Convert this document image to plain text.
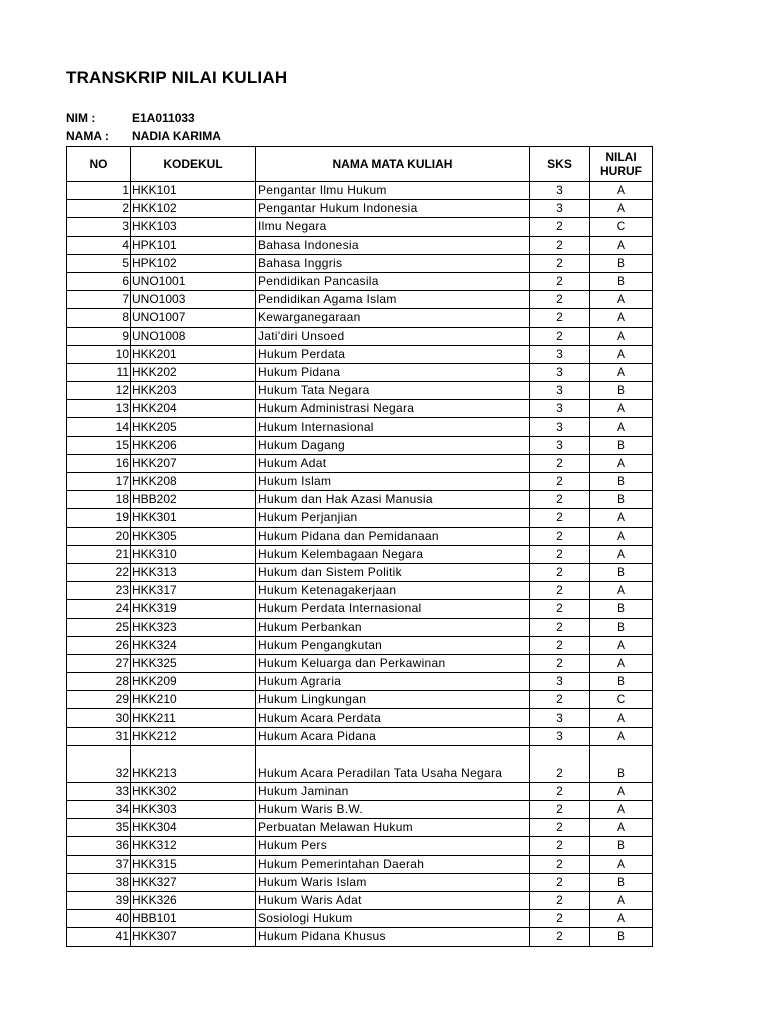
TRANSKRIP NILAI KULIAH
NIM :	E1A011033
NAMA : NADIA KARIMA
NO	KODEKUL	NAMA MATA KULIAH	SKS	NILAI
HURUF
1	HKK101	Pengantar Ilmu Hukum	3	A
2	HKK102	Pengantar Hukum Indonesia	3	A
3	HKK103	Ilmu Negara	2	C
4	HPK101	Bahasa Indonesia	2	A
5	HPK102	Bahasa Inggris	2	B
6	UNO1001	Pendidikan Pancasila	2	B
7	UNO1003	Pendidikan Agama Islam	2	A
8	UNO1007	Kewarganegaraan	2	A
9	UNO1008	Jati'diri Unsoed	2	A
10	HKK201	Hukum Perdata	3	A
11	HKK202	Hukum Pidana	3	A
12	HKK203	Hukum Tata Negara	3	B
13	HKK204	Hukum Administrasi Negara	3	A
14	HKK205	Hukum Internasional	3	A
15	HKK206	Hukum Dagang	3	B
16	HKK207	Hukum Adat	2	A
17	HKK208	Hukum Islam	2	B
18	HBB202	Hukum dan Hak Azasi Manusia	2	B
19	HKK301	Hukum Perjanjian	2	A
20	HKK305	Hukum Pidana dan Pemidanaan	2	A
21	HKK310	Hukum Kelembagaan Negara	2	A
22	HKK313	Hukum dan Sistem Politik	2	B
23	HKK317	Hukum Ketenagakerjaan	2	A
24	HKK319	Hukum Perdata Internasional	2	B
25	HKK323	Hukum Perbankan	2	B
26	HKK324	Hukum Pengangkutan	2	A
27	HKK325	Hukum Keluarga dan Perkawinan	2	A
28	HKK209	Hukum Agraria	3	B
29	HKK210	Hukum Lingkungan	2	C
30	HKK211	Hukum Acara Perdata	3	A
31	HKK212	Hukum Acara Pidana	3	A
32	HKK213	Hukum Acara Peradilan Tata Usaha Negara	2	B
33	HKK302	Hukum Jaminan	2	A
34	HKK303	Hukum Waris B.W.	2	A
35	HKK304	Perbuatan Melawan Hukum	2	A
36	HKK312	Hukum Pers	2	B
37	HKK315	Hukum Pemerintahan Daerah	2	A
38	HKK327	Hukum Waris Islam	2	B
39	HKK326	Hukum Waris Adat	2	A
40	HBB101	Sosiologi Hukum	2	A
41	HKK307	Hukum Pidana Khusus	2	B
